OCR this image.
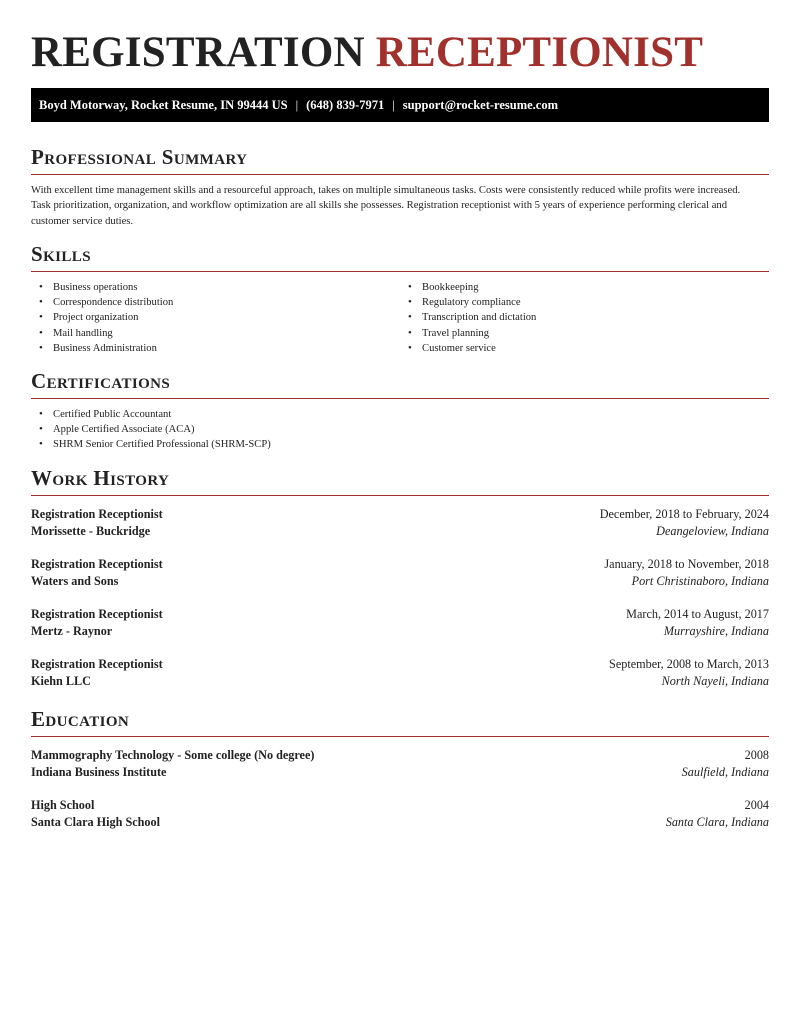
REGISTRATION RECEPTIONIST
Boyd Motorway, Rocket Resume, IN 99444 US | (648) 839-7971 | support@rocket-resume.com
Professional Summary

With excellent time management skills and a resourceful approach, takes on multiple simultaneous tasks. Costs were consistently reduced while profits were increased. Task prioritization, organization, and workflow optimization are all skills she possesses. Registration receptionist with 5 years of experience performing clerical and customer service duties.

Skills
• Business operations
• Correspondence distribution
• Project organization
• Mail handling
• Business Administration
• Bookkeeping
• Regulatory compliance
• Transcription and dictation
• Travel planning
• Customer service
Certifications
• Certified Public Accountant
• Apple Certified Associate (ACA)
• SHRM Senior Certified Professional (SHRM-SCP)
Work History
Registration Receptionist	December, 2018 to February, 2024
Morissette - Buckridge	Deangeloview, Indiana
Registration Receptionist	January, 2018 to November, 2018
Waters and Sons	Port Christinaboro, Indiana
Registration Receptionist	March, 2014 to August, 2017
Mertz - Raynor	Murrayshire, Indiana
Registration Receptionist	September, 2008 to March, 2013
Kiehn LLC	North Nayeli, Indiana
Education
Mammography Technology - Some college (No degree)	2008
Indiana Business Institute	Saulfield, Indiana
High School	2004
Santa Clara High School	Santa Clara, Indiana
